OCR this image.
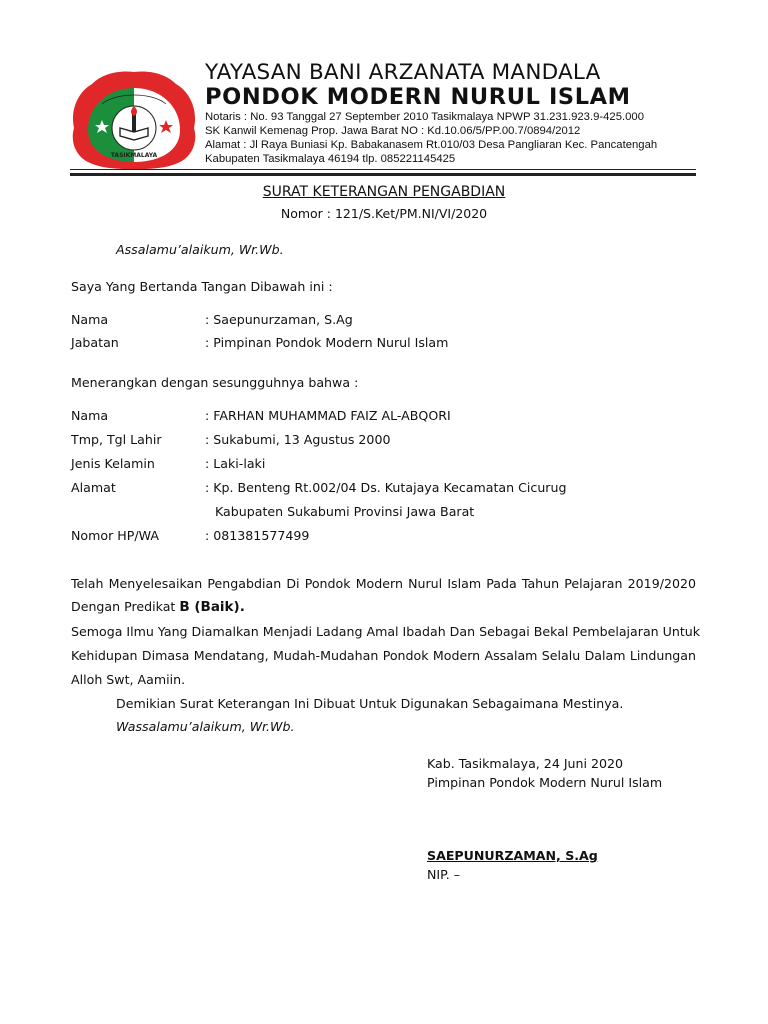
TASIKMALAYA
YAYASAN BANI ARZANATA MANDALA
PONDOK MODERN NURUL ISLAM
Notaris : No. 93 Tanggal 27 September 2010 Tasikmalaya NPWP 31.231.923.9-425.000
SK Kanwil Kemenag Prop. Jawa Barat NO : Kd.10.06/5/PP.00.7/0894/2012
Alamat : Jl Raya Buniasi Kp. Babakanasem Rt.010/03 Desa Pangliaran Kec. Pancatengah
Kabupaten Tasikmalaya 46194 tlp. 085221145425
SURAT KETERANGAN PENGABDIAN
Nomor : 121/S.Ket/PM.NI/VI/2020
Assalamu’alaikum, Wr.Wb.
Saya Yang Bertanda Tangan Dibawah ini :
Nama	: Saepunurzaman, S.Ag
Jabatan	: Pimpinan Pondok Modern Nurul Islam
Menerangkan dengan sesungguhnya bahwa :
Nama	: FARHAN MUHAMMAD FAIZ AL-ABQORI
Tmp, Tgl Lahir	: Sukabumi, 13 Agustus 2000
Jenis Kelamin	: Laki-laki
Alamat	: Kp. Benteng Rt.002/04 Ds. Kutajaya Kecamatan Cicurug
Kabupaten Sukabumi Provinsi Jawa Barat
Nomor HP/WA	: 081381577499
Telah Menyelesaikan Pengabdian Di Pondok Modern Nurul Islam Pada Tahun Pelajaran 2019/2020
Dengan Predikat B (Baik).
Semoga Ilmu Yang Diamalkan Menjadi Ladang Amal Ibadah Dan Sebagai Bekal Pembelajaran Untuk
Kehidupan Dimasa Mendatang, Mudah-Mudahan Pondok Modern Assalam Selalu Dalam Lindungan
Alloh Swt, Aamiin.
Demikian Surat Keterangan Ini Dibuat Untuk Digunakan Sebagaimana Mestinya.
Wassalamu’alaikum, Wr.Wb.
Kab. Tasikmalaya, 24 Juni 2020
Pimpinan Pondok Modern Nurul Islam
SAEPUNURZAMAN, S.Ag
NIP. –
